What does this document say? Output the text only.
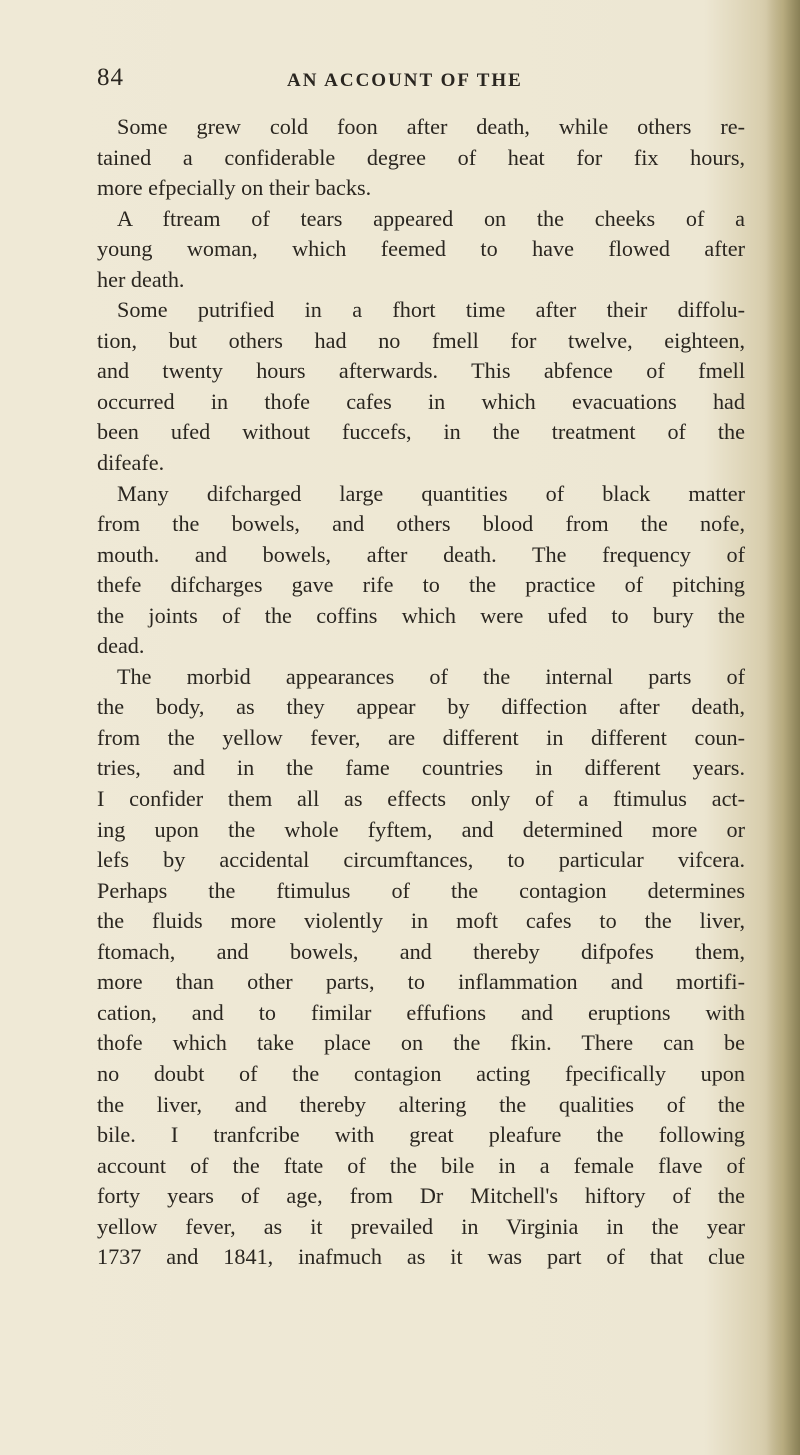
84	AN ACCOUNT OF THE
Some grew cold foon after death, while others re-
tained a confiderable degree of heat for fix hours,
more efpecially on their backs.
A ftream of tears appeared on the cheeks of a
young woman, which feemed to have flowed after
her death.
Some putrified in a fhort time after their diffolu-
tion, but others had no fmell for twelve, eighteen,
and twenty hours afterwards. This abfence of fmell
occurred in thofe cafes in which evacuations had
been ufed without fuccefs, in the treatment of the
difeafe.
Many difcharged large quantities of black matter
from the bowels, and others blood from the nofe,
mouth. and bowels, after death. The frequency of
thefe difcharges gave rife to the practice of pitching
the joints of the coffins which were ufed to bury the
dead.
The morbid appearances of the internal parts of
the body, as they appear by diffection after death,
from the yellow fever, are different in different coun-
tries, and in the fame countries in different years.
I confider them all as effects only of a ftimulus act-
ing upon the whole fyftem, and determined more or
lefs by accidental circumftances, to particular vifcera.
Perhaps the ftimulus of the contagion determines
the fluids more violently in moft cafes to the liver,
ftomach, and bowels, and thereby difpofes them,
more than other parts, to inflammation and mortifi-
cation, and to fimilar effufions and eruptions with
thofe which take place on the fkin. There can be
no doubt of the contagion acting fpecifically upon
the liver, and thereby altering the qualities of the
bile. I tranfcribe with great pleafure the following
account of the ftate of the bile in a female flave of
forty years of age, from Dr Mitchell's hiftory of the
yellow fever, as it prevailed in Virginia in the year
1737 and 1841, inafmuch as it was part of that clue
